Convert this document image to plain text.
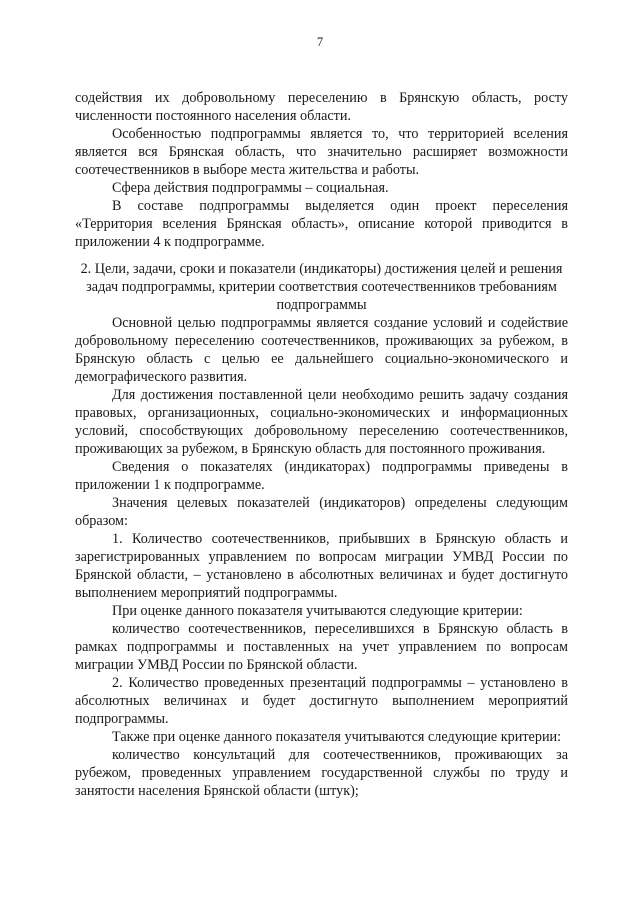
7

содействия их добровольному переселению в Брянскую область, росту численности постоянного населения области.

Особенностью подпрограммы является то, что территорией вселения является вся Брянская область, что значительно расширяет возможности соотечественников в выборе места жительства и работы.

Сфера действия подпрограммы – социальная.

В составе подпрограммы выделяется один проект переселения «Территория вселения Брянская область», описание которой приводится в приложении 4 к подпрограмме.

2. Цели, задачи, сроки и показатели (индикаторы) достижения целей и решения задач подпрограммы, критерии соответствия соотечественников требованиям подпрограммы

Основной целью подпрограммы является создание условий и содействие добровольному переселению соотечественников, проживающих за рубежом, в Брянскую область с целью ее дальнейшего социально-экономического и демографического развития.

Для достижения поставленной цели необходимо решить задачу создания правовых, организационных, социально-экономических и информационных условий, способствующих добровольному переселению соотечественников, проживающих за рубежом, в Брянскую область для постоянного проживания.

Сведения о показателях (индикаторах) подпрограммы приведены в приложении 1 к подпрограмме.

Значения целевых показателей (индикаторов) определены следующим образом:

1. Количество соотечественников, прибывших в Брянскую область и зарегистрированных управлением по вопросам миграции УМВД России по Брянской области, – установлено в абсолютных величинах и будет достигнуто выполнением мероприятий подпрограммы.

При оценке данного показателя учитываются следующие критерии:

количество соотечественников, переселившихся в Брянскую область в рамках подпрограммы и поставленных на учет управлением по вопросам миграции УМВД России по Брянской области.

2. Количество проведенных презентаций подпрограммы – установлено в абсолютных величинах и будет достигнуто выполнением мероприятий подпрограммы.

Также при оценке данного показателя учитываются следующие критерии:

количество консультаций для соотечественников, проживающих за рубежом, проведенных управлением государственной службы по труду и занятости населения Брянской области (штук);
